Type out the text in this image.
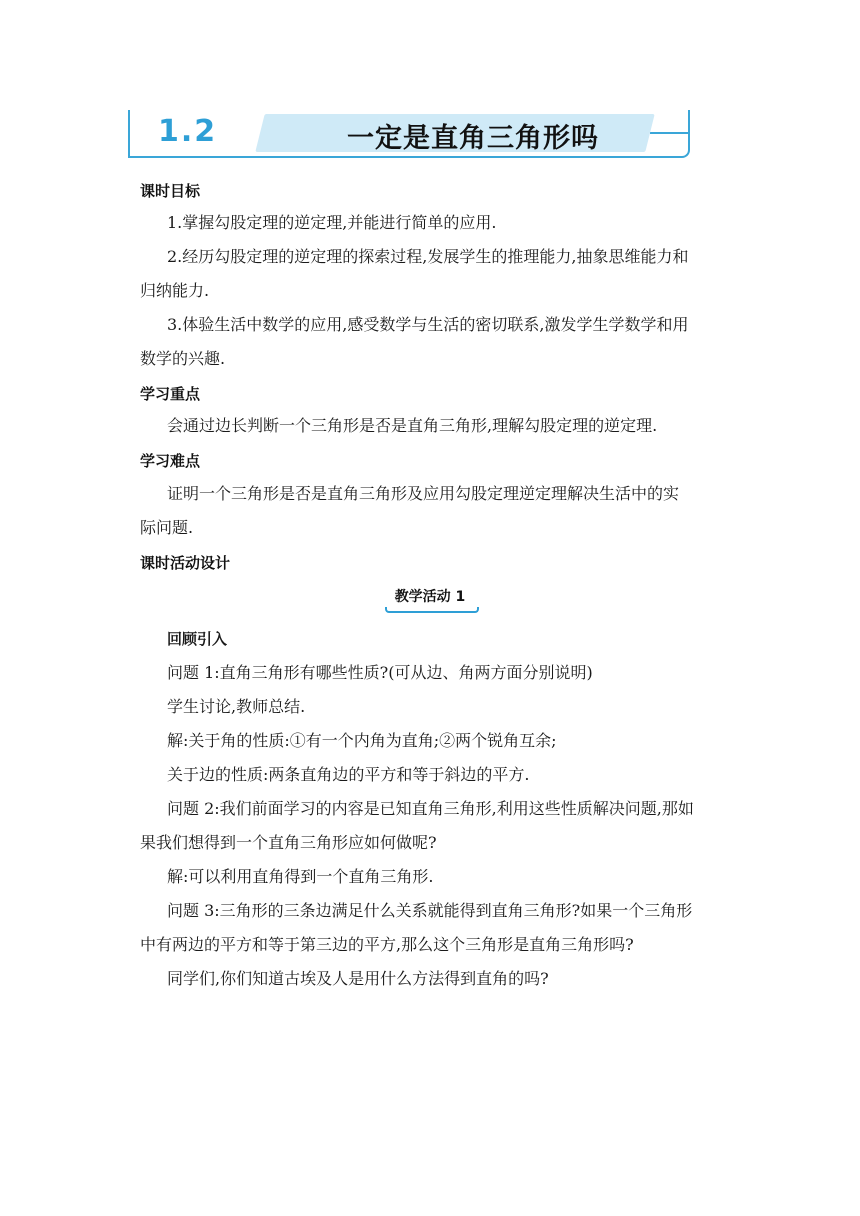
1.2	一定是直角三角形吗
课时目标
1.掌握勾股定理的逆定理,并能进行简单的应用.
2.经历勾股定理的逆定理的探索过程,发展学生的推理能力,抽象思维能力和
归纳能力.
3.体验生活中数学的应用,感受数学与生活的密切联系,激发学生学数学和用
数学的兴趣.
学习重点
会通过边长判断一个三角形是否是直角三角形,理解勾股定理的逆定理.
学习难点
证明一个三角形是否是直角三角形及应用勾股定理逆定理解决生活中的实
际问题.
课时活动设计
教学活动 1
回顾引入
问题 1:直角三角形有哪些性质?(可从边、角两方面分别说明)
学生讨论,教师总结.
解:关于角的性质:①有一个内角为直角;②两个锐角互余;
关于边的性质:两条直角边的平方和等于斜边的平方.
问题 2:我们前面学习的内容是已知直角三角形,利用这些性质解决问题,那如
果我们想得到一个直角三角形应如何做呢?
解:可以利用直角得到一个直角三角形.
问题 3:三角形的三条边满足什么关系就能得到直角三角形?如果一个三角形
中有两边的平方和等于第三边的平方,那么这个三角形是直角三角形吗?
同学们,你们知道古埃及人是用什么方法得到直角的吗?
